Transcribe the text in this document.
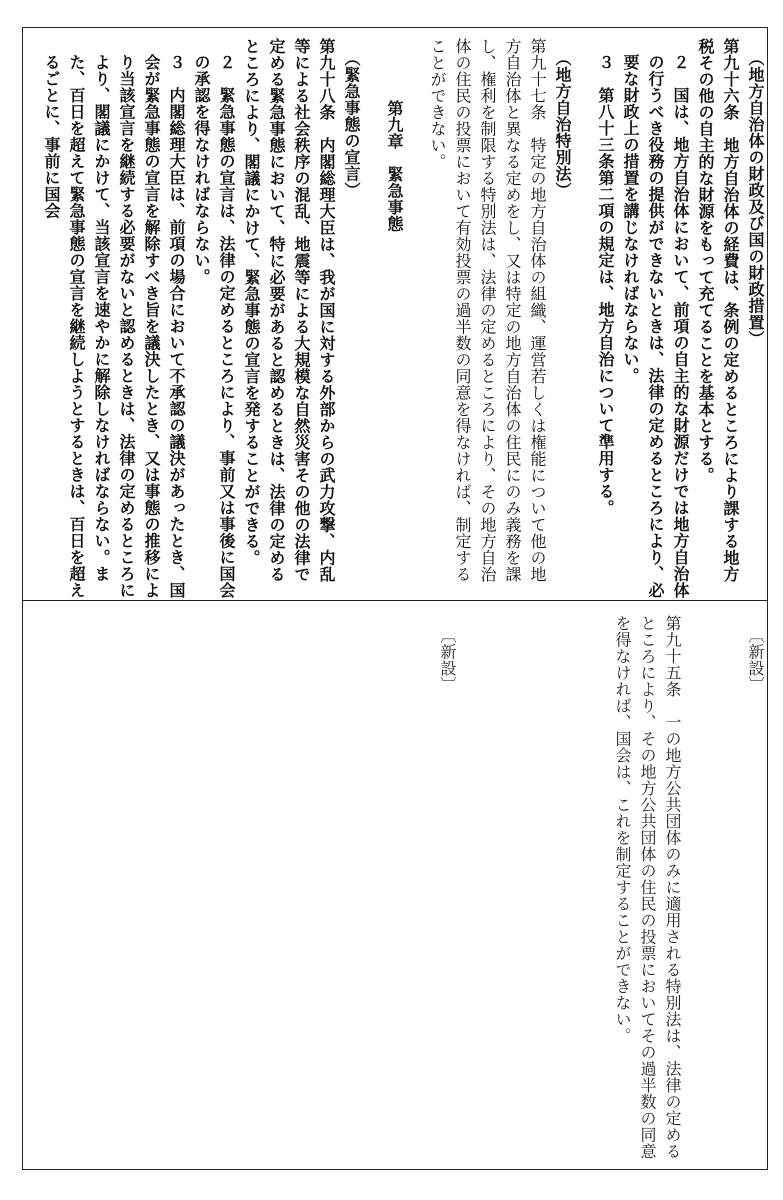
（地方自治体の財政及び国の財政措置）

第九十六条　地方自治体の経費は、条例の定めるところにより課する地方税その他の自主的な財源をもって充てることを基本とする。

２　国は、地方自治体において、前項の自主的な財源だけでは地方自治体の行うべき役務の提供ができないときは、法律の定めるところにより、必要な財政上の措置を講じなければならない。

３　第八十三条第二項の規定は、地方自治について準用する。

（地方自治特別法）

第九十七条　特定の地方自治体の組織、運営若しくは権能について他の地方自治体と異なる定めをし、又は特定の地方自治体の住民にのみ義務を課し、権利を制限する特別法は、法律の定めるところにより、その地方自治体の住民の投票において有効投票の過半数の同意を得なければ、制定することができない。

第九章　緊急事態

（緊急事態の宣言）

第九十八条　内閣総理大臣は、我が国に対する外部からの武力攻撃、内乱等による社会秩序の混乱、地震等による大規模な自然災害その他の法律で定める緊急事態において、特に必要があると認めるときは、法律の定めるところにより、閣議にかけて、緊急事態の宣言を発することができる。

２　緊急事態の宣言は、法律の定めるところにより、事前又は事後に国会の承認を得なければならない。

３　内閣総理大臣は、前項の場合において不承認の議決があったとき、国会が緊急事態の宣言を解除すべき旨を議決したとき、又は事態の推移により当該宣言を継続する必要がないと認めるときは、法律の定めるところにより、閣議にかけて、当該宣言を速やかに解除しなければならない。また、百日を超えて緊急事態の宣言を継続しようとするときは、百日を超えるごとに、事前に国会

〔新設〕

第九十五条　一の地方公共団体のみに適用される特別法は、法律の定めるところにより、その地方公共団体の住民の投票においてその過半数の同意を得なければ、国会は、これを制定することができない。

〔新設〕
